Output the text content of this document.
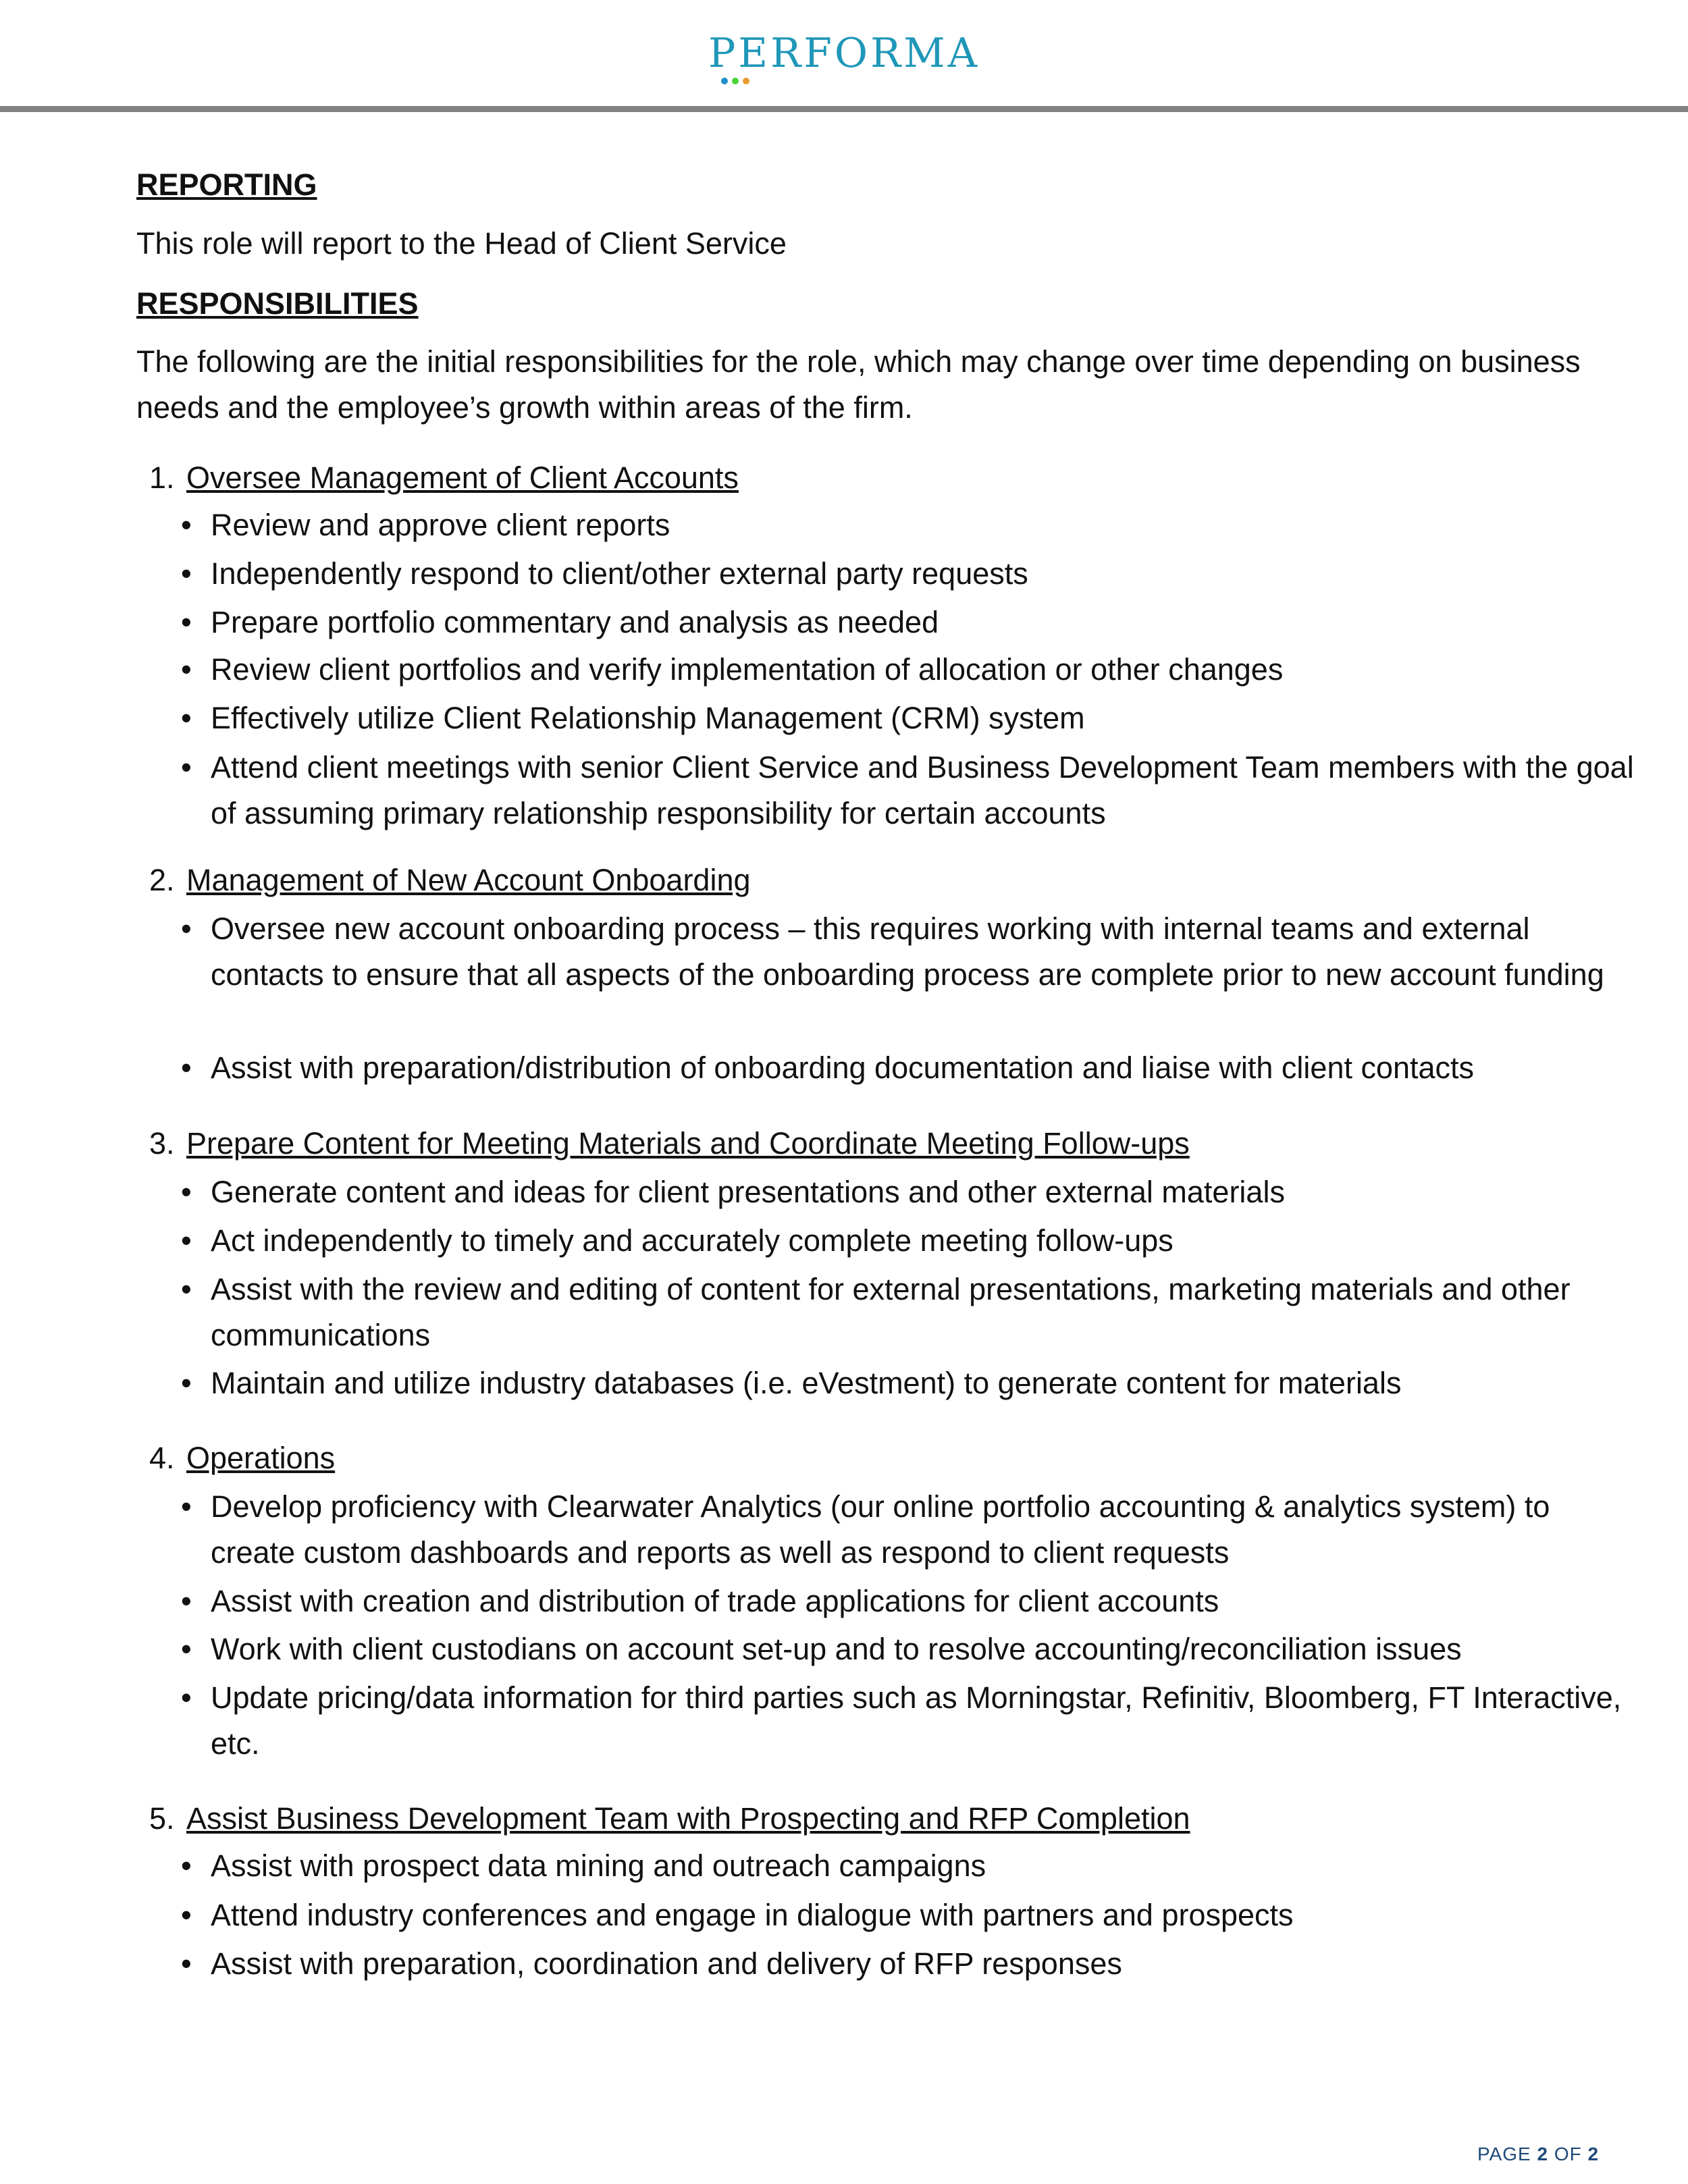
PERFORMA
REPORTING
This role will report to the Head of Client Service
RESPONSIBILITIES
The following are the initial responsibilities for the role, which may change over time depending on business needs and the employee’s growth within areas of the firm.
1. Oversee Management of Client Accounts
• Review and approve client reports
• Independently respond to client/other external party requests
• Prepare portfolio commentary and analysis as needed
• Review client portfolios and verify implementation of allocation or other changes
• Effectively utilize Client Relationship Management (CRM) system
• Attend client meetings with senior Client Service and Business Development Team members with the goal of assuming primary relationship responsibility for certain accounts
2. Management of New Account Onboarding
• Oversee new account onboarding process – this requires working with internal teams and external contacts to ensure that all aspects of the onboarding process are complete prior to new account funding
• Assist with preparation/distribution of onboarding documentation and liaise with client contacts
3. Prepare Content for Meeting Materials and Coordinate Meeting Follow-ups
• Generate content and ideas for client presentations and other external materials
• Act independently to timely and accurately complete meeting follow-ups
• Assist with the review and editing of content for external presentations, marketing materials and other communications
• Maintain and utilize industry databases (i.e. eVestment) to generate content for materials
4. Operations
• Develop proficiency with Clearwater Analytics (our online portfolio accounting & analytics system) to create custom dashboards and reports as well as respond to client requests
• Assist with creation and distribution of trade applications for client accounts
• Work with client custodians on account set-up and to resolve accounting/reconciliation issues
• Update pricing/data information for third parties such as Morningstar, Refinitiv, Bloomberg, FT Interactive, etc.
5. Assist Business Development Team with Prospecting and RFP Completion
• Assist with prospect data mining and outreach campaigns
• Attend industry conferences and engage in dialogue with partners and prospects
• Assist with preparation, coordination and delivery of RFP responses
PAGE 2 OF 2
